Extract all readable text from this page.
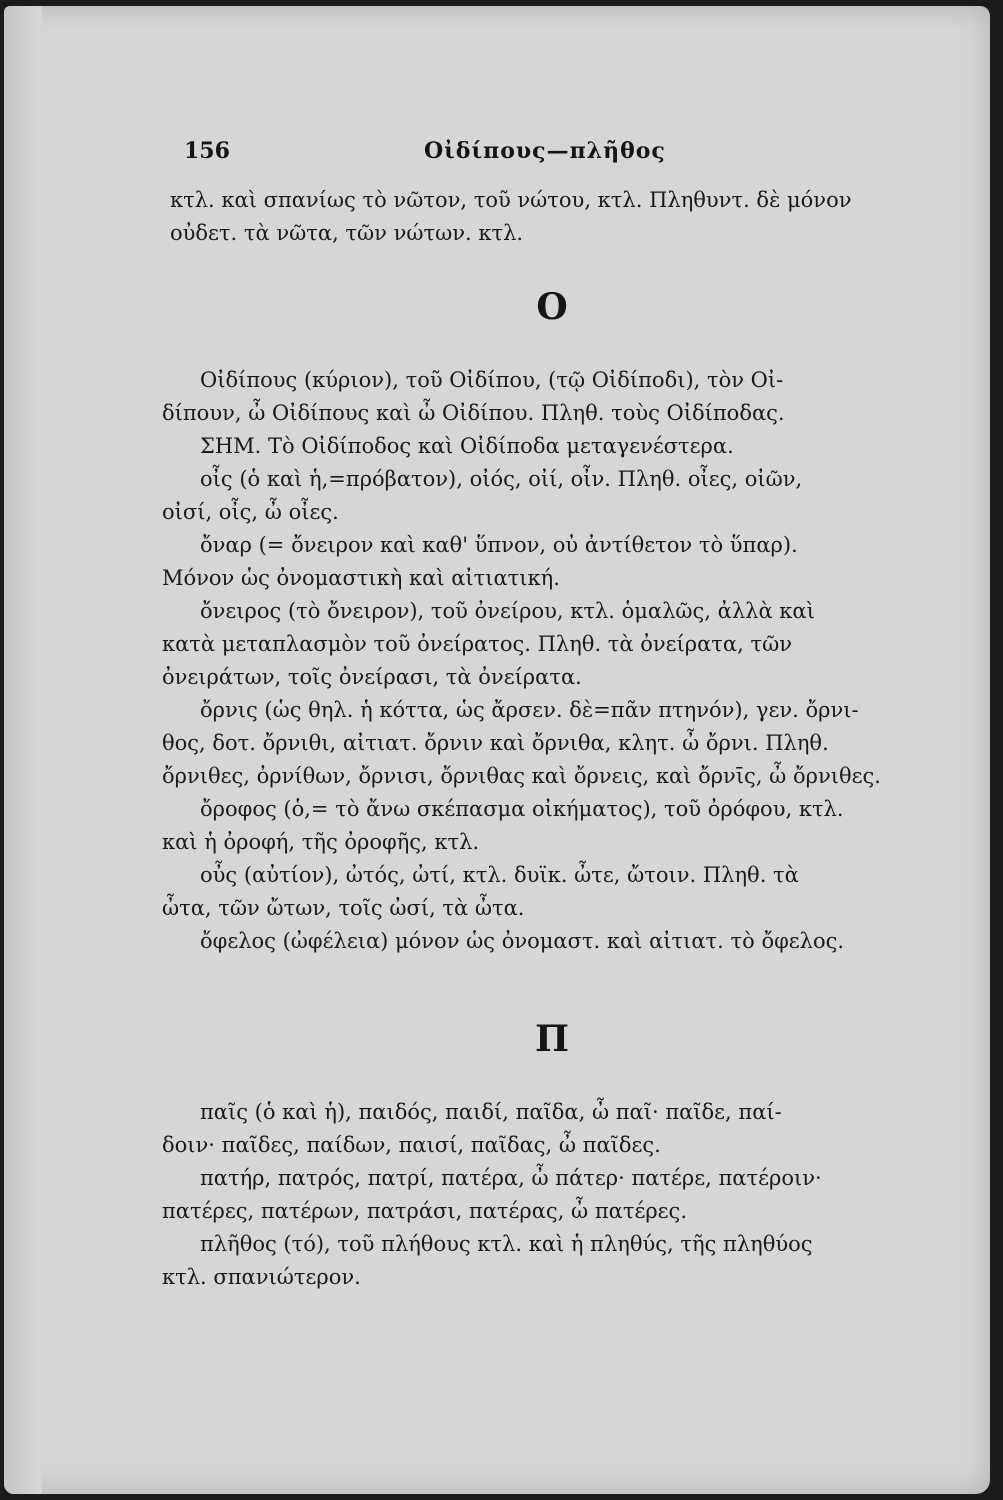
156	Οἰδίπους—πλῆθος
κτλ. καὶ σπανίως τὸ νῶτον, τοῦ νώτου, κτλ. Πληθυντ. δὲ μόνον
οὐδετ. τὰ νῶτα, τῶν νώτων. κτλ.
Ο
Οἰδίπους (κύριον), τοῦ Οἰδίπου, (τῷ Οἰδίποδι), τὸν Οἰ-
δίπουν, ὦ Οἰδίπους καὶ ὦ Οἰδίπου. Πληθ. τοὺς Οἰδίποδας.
ΣΗΜ. Τὸ Οἰδίποδος καὶ Οἰδίποδα μεταγενέστερα.
οἶς (ὁ καὶ ἡ,=πρόβατον), οἰός, οἰί, οἶν. Πληθ. οἶες, οἰῶν,
οἰσί, οἶς, ὦ οἶες.
ὄναρ (= ὄνειρον καὶ καθ' ὕπνον, οὐ ἀντίθετον τὸ ὕπαρ).
Μόνον ὡς ὀνομαστικὴ καὶ αἰτιατική.
ὄνειρος (τὸ ὄνειρον), τοῦ ὀνείρου, κτλ. ὁμαλῶς, ἀλλὰ καὶ
κατὰ μεταπλασμὸν τοῦ ὀνείρατος. Πληθ. τὰ ὀνείρατα, τῶν
ὀνειράτων, τοῖς ὀνείρασι, τὰ ὀνείρατα.
ὄρνις (ὡς θηλ. ἡ κόττα, ὡς ἄρσεν. δὲ=πᾶν πτηνόν), γεν. ὄρνι-
θος, δοτ. ὄρνιθι, αἰτιατ. ὄρνιν καὶ ὄρνιθα, κλητ. ὦ ὄρνι. Πληθ.
ὄρνιθες, ὀρνίθων, ὄρνισι, ὄρνιθας καὶ ὄρνεις, καὶ ὄρνῑς, ὦ ὄρνιθες.
ὄροφος (ὁ,= τὸ ἄνω σκέπασμα οἰκήματος), τοῦ ὀρόφου, κτλ.
καὶ ἡ ὀροφή, τῆς ὀροφῆς, κτλ.
οὖς (αὐτίον), ὠτός, ὠτί, κτλ. δυϊκ. ὦτε, ὤτοιν. Πληθ. τὰ
ὦτα, τῶν ὤτων, τοῖς ὠσί, τὰ ὦτα.
ὄφελος (ὠφέλεια) μόνον ὡς ὀνομαστ. καὶ αἰτιατ. τὸ ὄφελος.
Π
παῖς (ὁ καὶ ἡ), παιδός, παιδί, παῖδα, ὦ παῖ· παῖδε, παί-
δοιν· παῖδες, παίδων, παισί, παῖδας, ὦ παῖδες.
πατήρ, πατρός, πατρί, πατέρα, ὦ πάτερ· πατέρε, πατέροιν·
πατέρες, πατέρων, πατράσι, πατέρας, ὦ πατέρες.
πλῆθος (τό), τοῦ πλήθους κτλ. καὶ ἡ πληθύς, τῆς πληθύος
κτλ. σπανιώτερον.
